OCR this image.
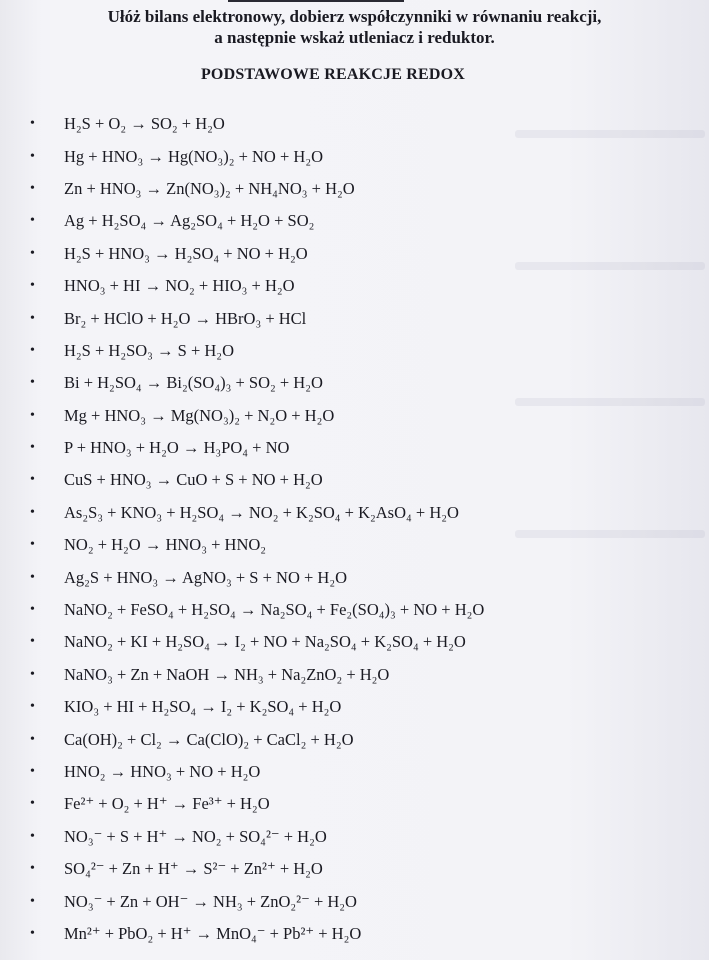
Ułóż bilans elektronowy, dobierz współczynniki w równaniu reakcji,
a następnie wskaż utleniacz i reduktor.
PODSTAWOWE REAKCJE REDOX
•	H₂S + O₂ → SO₂ + H₂O
•	Hg + HNO₃ → Hg(NO₃)₂ + NO + H₂O
•	Zn + HNO₃ → Zn(NO₃)₂ + NH₄NO₃ + H₂O
•	Ag + H₂SO₄ → Ag₂SO₄ + H₂O + SO₂
•	H₂S + HNO₃ → H₂SO₄ + NO + H₂O
•	HNO₃ + HI → NO₂ + HIO₃ + H₂O
•	Br₂ + HClO + H₂O → HBrO₃ + HCl
•	H₂S + H₂SO₃ → S + H₂O
•	Bi + H₂SO₄ → Bi₂(SO₄)₃ + SO₂ + H₂O
•	Mg + HNO₃ → Mg(NO₃)₂ + N₂O + H₂O
•	P + HNO₃ + H₂O → H₃PO₄ + NO
•	CuS + HNO₃ → CuO + S + NO + H₂O
•	As₂S₃ + KNO₃ + H₂SO₄ → NO₂ + K₂SO₄ + K₂AsO₄ + H₂O
•	NO₂ + H₂O → HNO₃ + HNO₂
•	Ag₂S + HNO₃ → AgNO₃ + S + NO + H₂O
•	NaNO₂ + FeSO₄ + H₂SO₄ → Na₂SO₄ + Fe₂(SO₄)₃ + NO + H₂O
•	NaNO₂ + KI + H₂SO₄ → I₂ + NO + Na₂SO₄ + K₂SO₄ + H₂O
•	NaNO₃ + Zn + NaOH → NH₃ + Na₂ZnO₂ + H₂O
•	KIO₃ + HI + H₂SO₄ → I₂ + K₂SO₄ + H₂O
•	Ca(OH)₂ + Cl₂ → Ca(ClO)₂ + CaCl₂ + H₂O
•	HNO₂ → HNO₃ + NO + H₂O
•	Fe²⁺ + O₂ + H⁺ → Fe³⁺ + H₂O
•	NO₃⁻ + S + H⁺ → NO₂ + SO₄²⁻ + H₂O
•	SO₄²⁻ + Zn + H⁺ → S²⁻ + Zn²⁺ + H₂O
•	NO₃⁻ + Zn + OH⁻ → NH₃ + ZnO₂²⁻ + H₂O
•	Mn²⁺ + PbO₂ + H⁺ → MnO₄⁻ + Pb²⁺ + H₂O
